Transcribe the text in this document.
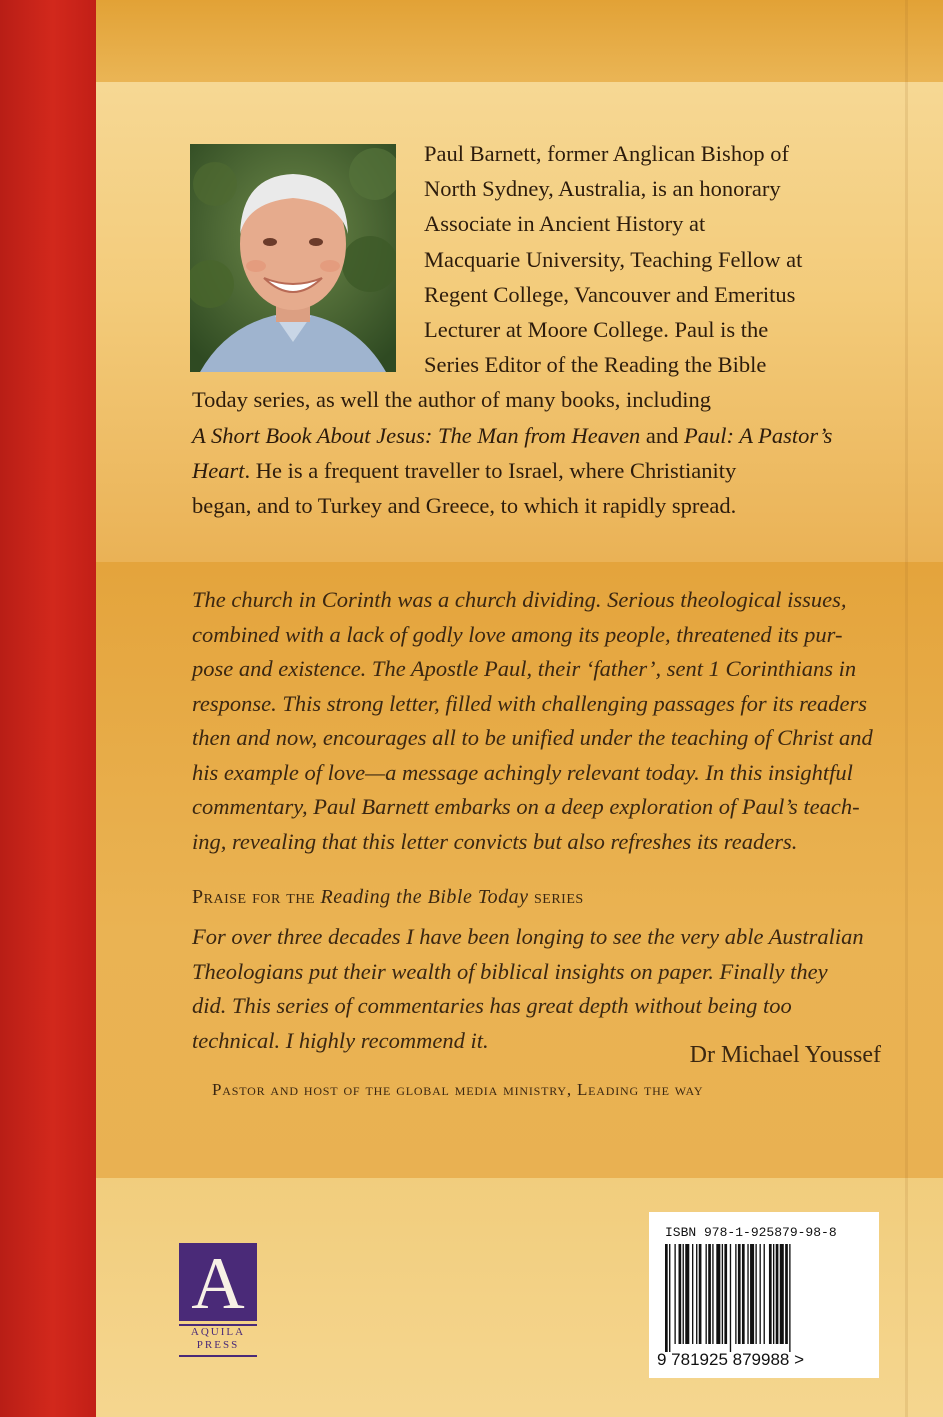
Paul Barnett, former Anglican Bishop of
North Sydney, Australia, is an honorary
Associate in Ancient History at
Macquarie University, Teaching Fellow at
Regent College, Vancouver and Emeritus
Lecturer at Moore College. Paul is the
Series Editor of the Reading the Bible
Today series, as well the author of many books, including
A Short Book About Jesus: The Man from Heaven and Paul: A Pastor’s
Heart. He is a frequent traveller to Israel, where Christianity
began, and to Turkey and Greece, to which it rapidly spread.
The church in Corinth was a church dividing. Serious theological issues,
combined with a lack of godly love among its people, threatened its pur-
pose and existence. The Apostle Paul, their ‘father’, sent 1 Corinthians in
response. This strong letter, filled with challenging passages for its readers
then and now, encourages all to be unified under the teaching of Christ and
his example of love—a message achingly relevant today. In this insightful
commentary, Paul Barnett embarks on a deep exploration of Paul’s teach-
ing, revealing that this letter convicts but also refreshes its readers.
Praise for the Reading the Bible Today series
For over three decades I have been longing to see the very able Australian
Theologians put their wealth of biblical insights on paper. Finally they
did. This series of commentaries has great depth without being too
technical. I highly recommend it.
Dr Michael Youssef
Pastor and host of the global media ministry, Leading the way
A
AQUILA
PRESS
ISBN 978-1-925879-98-8
9 781925 879988 >
